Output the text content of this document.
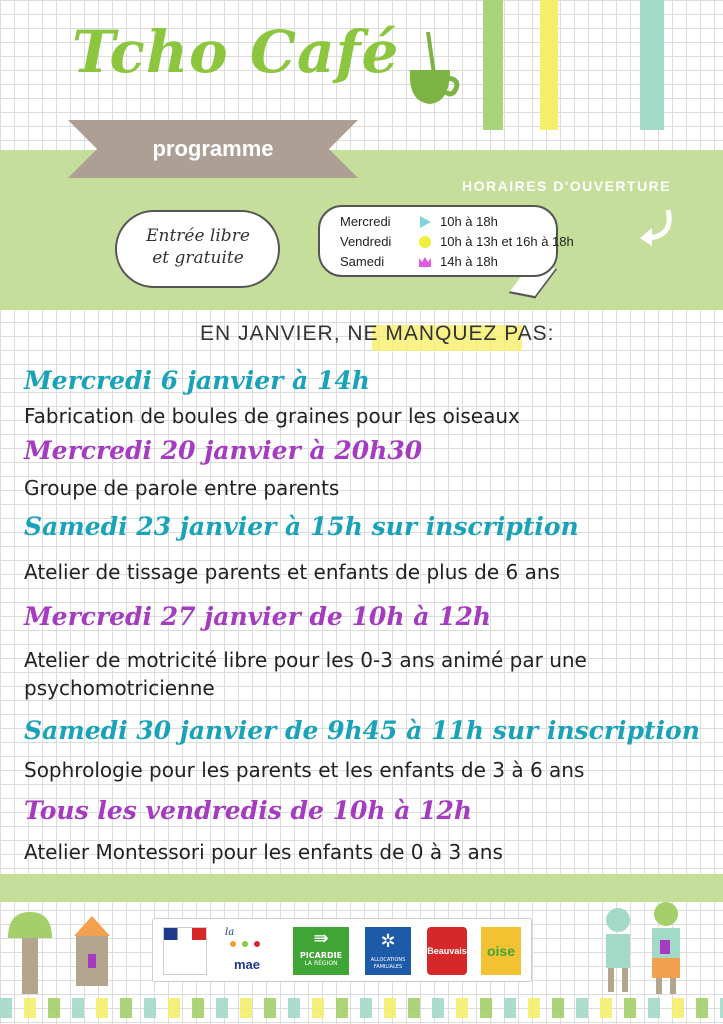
Tcho Café
programme
Entrée libre
et gratuite
HORAIRES D'OUVERTURE
Mercredi	10h à 18h
Vendredi	10h à 13h et 16h à 18h
Samedi	14h à 18h
EN JANVIER, NE MANQUEZ PAS:
Mercredi 6 janvier à 14h
Fabrication de boules de graines pour les oiseaux
Mercredi 20 janvier à 20h30
Groupe de parole entre parents
Samedi 23 janvier à 15h sur inscription
Atelier de tissage parents et enfants de plus de 6 ans
Mercredi 27 janvier de 10h à 12h
Atelier de motricité libre pour les 0-3 ans animé par une psychomotricienne
Samedi 30 janvier de 9h45 à 11h sur inscription
Sophrologie pour les parents et les enfants de 3 à 6 ans
Tous les vendredis de 10h à 12h
Atelier Montessori pour les enfants de 0 à 3 ans
la
mae
⇛
PICARDIE
LA RÉGION
✲
ALLOCATIONS FAMILIALES
Beauvais	oise
